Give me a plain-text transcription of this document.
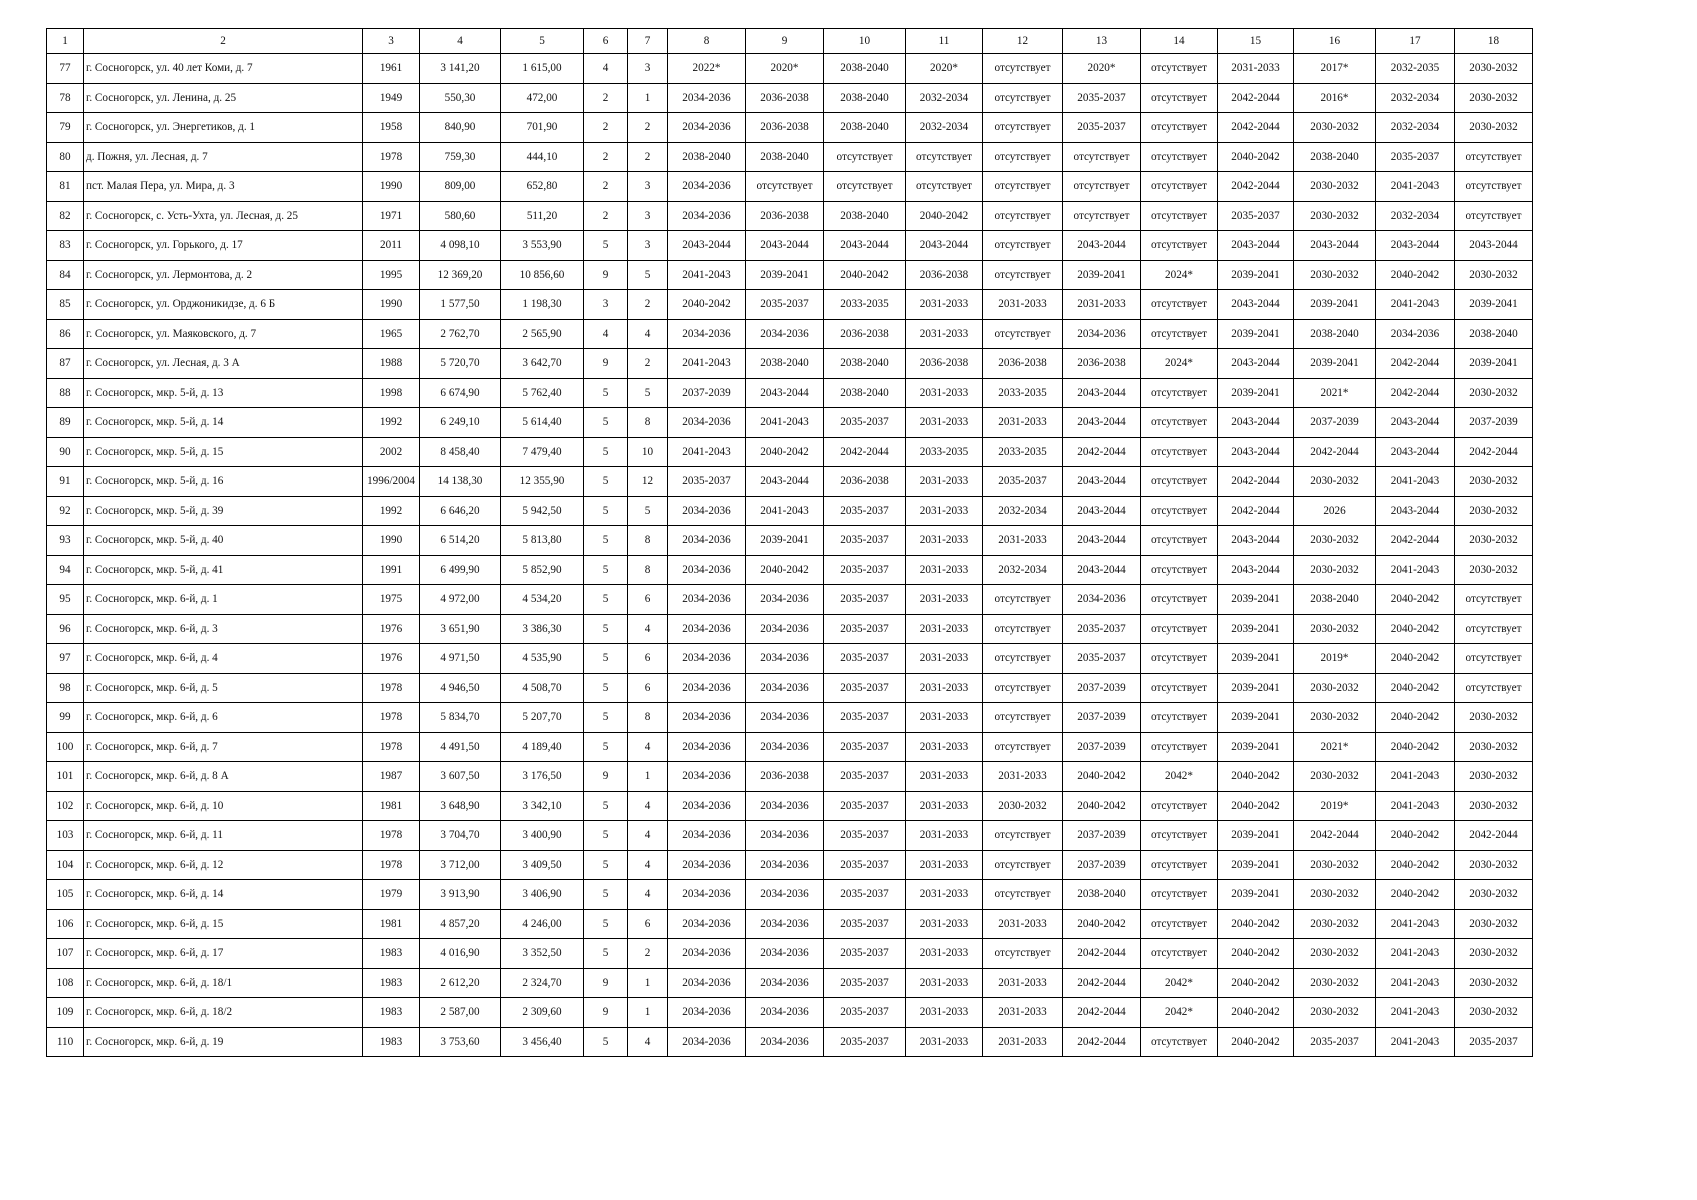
1	2	3	4	5	6	7	8	9	10	11	12	13	14	15	16	17	18
77	г. Сосногорск, ул. 40 лет Коми, д. 7	1961	3 141,20	1 615,00	4	3	2022*	2020*	2038-2040	2020*	отсутствует	2020*	отсутствует	2031-2033	2017*	2032-2035	2030-2032
78	г. Сосногорск, ул. Ленина, д. 25	1949	550,30	472,00	2	1	2034-2036	2036-2038	2038-2040	2032-2034	отсутствует	2035-2037	отсутствует	2042-2044	2016*	2032-2034	2030-2032
79	г. Сосногорск, ул. Энергетиков, д. 1	1958	840,90	701,90	2	2	2034-2036	2036-2038	2038-2040	2032-2034	отсутствует	2035-2037	отсутствует	2042-2044	2030-2032	2032-2034	2030-2032
80	д. Пожня, ул. Лесная, д. 7	1978	759,30	444,10	2	2	2038-2040	2038-2040	отсутствует	отсутствует	отсутствует	отсутствует	отсутствует	2040-2042	2038-2040	2035-2037	отсутствует
81	пст. Малая Пера, ул. Мира, д. 3	1990	809,00	652,80	2	3	2034-2036	отсутствует	отсутствует	отсутствует	отсутствует	отсутствует	отсутствует	2042-2044	2030-2032	2041-2043	отсутствует
82	г. Сосногорск, с. Усть-Ухта, ул. Лесная, д. 25	1971	580,60	511,20	2	3	2034-2036	2036-2038	2038-2040	2040-2042	отсутствует	отсутствует	отсутствует	2035-2037	2030-2032	2032-2034	отсутствует
83	г. Сосногорск, ул. Горького, д. 17	2011	4 098,10	3 553,90	5	3	2043-2044	2043-2044	2043-2044	2043-2044	отсутствует	2043-2044	отсутствует	2043-2044	2043-2044	2043-2044	2043-2044
84	г. Сосногорск, ул. Лермонтова, д. 2	1995	12 369,20	10 856,60	9	5	2041-2043	2039-2041	2040-2042	2036-2038	отсутствует	2039-2041	2024*	2039-2041	2030-2032	2040-2042	2030-2032
85	г. Сосногорск, ул. Орджоникидзе, д. 6 Б	1990	1 577,50	1 198,30	3	2	2040-2042	2035-2037	2033-2035	2031-2033	2031-2033	2031-2033	отсутствует	2043-2044	2039-2041	2041-2043	2039-2041
86	г. Сосногорск, ул. Маяковского, д. 7	1965	2 762,70	2 565,90	4	4	2034-2036	2034-2036	2036-2038	2031-2033	отсутствует	2034-2036	отсутствует	2039-2041	2038-2040	2034-2036	2038-2040
87	г. Сосногорск, ул. Лесная, д. 3 А	1988	5 720,70	3 642,70	9	2	2041-2043	2038-2040	2038-2040	2036-2038	2036-2038	2036-2038	2024*	2043-2044	2039-2041	2042-2044	2039-2041
88	г. Сосногорск, мкр. 5-й, д. 13	1998	6 674,90	5 762,40	5	5	2037-2039	2043-2044	2038-2040	2031-2033	2033-2035	2043-2044	отсутствует	2039-2041	2021*	2042-2044	2030-2032
89	г. Сосногорск, мкр. 5-й, д. 14	1992	6 249,10	5 614,40	5	8	2034-2036	2041-2043	2035-2037	2031-2033	2031-2033	2043-2044	отсутствует	2043-2044	2037-2039	2043-2044	2037-2039
90	г. Сосногорск, мкр. 5-й, д. 15	2002	8 458,40	7 479,40	5	10	2041-2043	2040-2042	2042-2044	2033-2035	2033-2035	2042-2044	отсутствует	2043-2044	2042-2044	2043-2044	2042-2044
91	г. Сосногорск, мкр. 5-й, д. 16	1996/2004	14 138,30	12 355,90	5	12	2035-2037	2043-2044	2036-2038	2031-2033	2035-2037	2043-2044	отсутствует	2042-2044	2030-2032	2041-2043	2030-2032
92	г. Сосногорск, мкр. 5-й, д. 39	1992	6 646,20	5 942,50	5	5	2034-2036	2041-2043	2035-2037	2031-2033	2032-2034	2043-2044	отсутствует	2042-2044	2026	2043-2044	2030-2032
93	г. Сосногорск, мкр. 5-й, д. 40	1990	6 514,20	5 813,80	5	8	2034-2036	2039-2041	2035-2037	2031-2033	2031-2033	2043-2044	отсутствует	2043-2044	2030-2032	2042-2044	2030-2032
94	г. Сосногорск, мкр. 5-й, д. 41	1991	6 499,90	5 852,90	5	8	2034-2036	2040-2042	2035-2037	2031-2033	2032-2034	2043-2044	отсутствует	2043-2044	2030-2032	2041-2043	2030-2032
95	г. Сосногорск, мкр. 6-й, д. 1	1975	4 972,00	4 534,20	5	6	2034-2036	2034-2036	2035-2037	2031-2033	отсутствует	2034-2036	отсутствует	2039-2041	2038-2040	2040-2042	отсутствует
96	г. Сосногорск, мкр. 6-й, д. 3	1976	3 651,90	3 386,30	5	4	2034-2036	2034-2036	2035-2037	2031-2033	отсутствует	2035-2037	отсутствует	2039-2041	2030-2032	2040-2042	отсутствует
97	г. Сосногорск, мкр. 6-й, д. 4	1976	4 971,50	4 535,90	5	6	2034-2036	2034-2036	2035-2037	2031-2033	отсутствует	2035-2037	отсутствует	2039-2041	2019*	2040-2042	отсутствует
98	г. Сосногорск, мкр. 6-й, д. 5	1978	4 946,50	4 508,70	5	6	2034-2036	2034-2036	2035-2037	2031-2033	отсутствует	2037-2039	отсутствует	2039-2041	2030-2032	2040-2042	отсутствует
99	г. Сосногорск, мкр. 6-й, д. 6	1978	5 834,70	5 207,70	5	8	2034-2036	2034-2036	2035-2037	2031-2033	отсутствует	2037-2039	отсутствует	2039-2041	2030-2032	2040-2042	2030-2032
100	г. Сосногорск, мкр. 6-й, д. 7	1978	4 491,50	4 189,40	5	4	2034-2036	2034-2036	2035-2037	2031-2033	отсутствует	2037-2039	отсутствует	2039-2041	2021*	2040-2042	2030-2032
101	г. Сосногорск, мкр. 6-й, д. 8 А	1987	3 607,50	3 176,50	9	1	2034-2036	2036-2038	2035-2037	2031-2033	2031-2033	2040-2042	2042*	2040-2042	2030-2032	2041-2043	2030-2032
102	г. Сосногорск, мкр. 6-й, д. 10	1981	3 648,90	3 342,10	5	4	2034-2036	2034-2036	2035-2037	2031-2033	2030-2032	2040-2042	отсутствует	2040-2042	2019*	2041-2043	2030-2032
103	г. Сосногорск, мкр. 6-й, д. 11	1978	3 704,70	3 400,90	5	4	2034-2036	2034-2036	2035-2037	2031-2033	отсутствует	2037-2039	отсутствует	2039-2041	2042-2044	2040-2042	2042-2044
104	г. Сосногорск, мкр. 6-й, д. 12	1978	3 712,00	3 409,50	5	4	2034-2036	2034-2036	2035-2037	2031-2033	отсутствует	2037-2039	отсутствует	2039-2041	2030-2032	2040-2042	2030-2032
105	г. Сосногорск, мкр. 6-й, д. 14	1979	3 913,90	3 406,90	5	4	2034-2036	2034-2036	2035-2037	2031-2033	отсутствует	2038-2040	отсутствует	2039-2041	2030-2032	2040-2042	2030-2032
106	г. Сосногорск, мкр. 6-й, д. 15	1981	4 857,20	4 246,00	5	6	2034-2036	2034-2036	2035-2037	2031-2033	2031-2033	2040-2042	отсутствует	2040-2042	2030-2032	2041-2043	2030-2032
107	г. Сосногорск, мкр. 6-й, д. 17	1983	4 016,90	3 352,50	5	2	2034-2036	2034-2036	2035-2037	2031-2033	отсутствует	2042-2044	отсутствует	2040-2042	2030-2032	2041-2043	2030-2032
108	г. Сосногорск, мкр. 6-й, д. 18/1	1983	2 612,20	2 324,70	9	1	2034-2036	2034-2036	2035-2037	2031-2033	2031-2033	2042-2044	2042*	2040-2042	2030-2032	2041-2043	2030-2032
109	г. Сосногорск, мкр. 6-й, д. 18/2	1983	2 587,00	2 309,60	9	1	2034-2036	2034-2036	2035-2037	2031-2033	2031-2033	2042-2044	2042*	2040-2042	2030-2032	2041-2043	2030-2032
110	г. Сосногорск, мкр. 6-й, д. 19	1983	3 753,60	3 456,40	5	4	2034-2036	2034-2036	2035-2037	2031-2033	2031-2033	2042-2044	отсутствует	2040-2042	2035-2037	2041-2043	2035-2037
